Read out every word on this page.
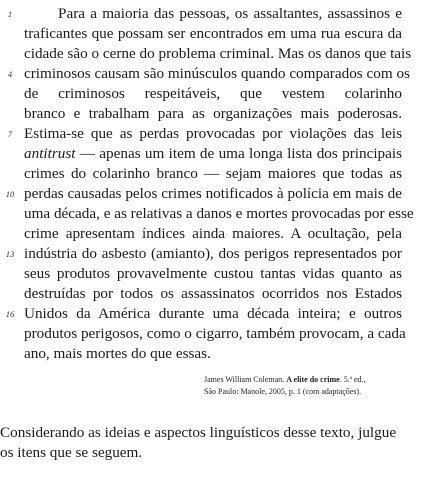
1
4
7
10
13
16
Para a maioria das pessoas, os assaltantes, assassinos e
traficantes que possam ser encontrados em uma rua escura da
cidade são o cerne do problema criminal. Mas os danos que tais
criminosos causam são minúsculos quando comparados com os
de criminosos respeitáveis, que vestem colarinho
branco e trabalham para as organizações mais poderosas.
Estima-se que as perdas provocadas por violações das leis
antitrust — apenas um item de uma longa lista dos principais
crimes do colarinho branco — sejam maiores que todas as
perdas causadas pelos crimes notificados à polícia em mais de
uma década, e as relativas a danos e mortes provocadas por esse
crime apresentam índices ainda maiores. A ocultação, pela
indústria do asbesto (amianto), dos perigos representados por
seus produtos provavelmente custou tantas vidas quanto as
destruídas por todos os assassinatos ocorridos nos Estados
Unidos da América durante uma década inteira; e outros
produtos perigosos, como o cigarro, também provocam, a cada
ano, mais mortes do que essas.
James William Coleman. A elite do crime. 5.ª ed.,
São Paulo: Manole, 2005, p. 1 (com adaptações).
Considerando as ideias e aspectos linguísticos desse texto, julgue os itens que se seguem.
